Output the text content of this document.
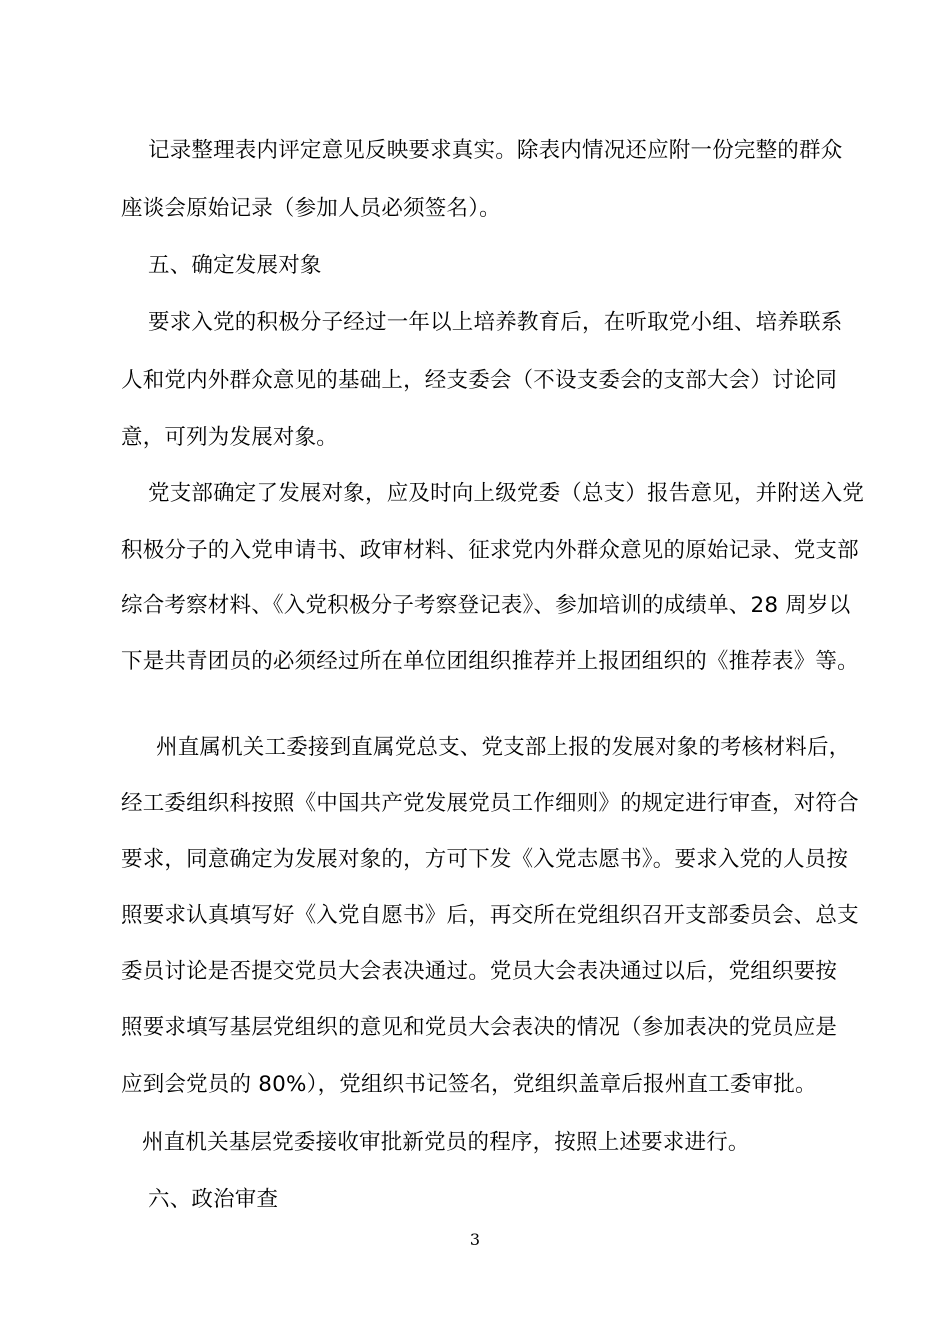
记录整理表内评定意见反映要求真实。除表内情况还应附一份完整的群众
座谈会原始记录（参加人员必须签名）。
五、确定发展对象
要求入党的积极分子经过一年以上培养教育后，在听取党小组、培养联系
人和党内外群众意见的基础上，经支委会（不设支委会的支部大会）讨论同
意，可列为发展对象。
党支部确定了发展对象，应及时向上级党委（总支）报告意见，并附送入党
积极分子的入党申请书、政审材料、征求党内外群众意见的原始记录、党支部
综合考察材料、《入党积极分子考察登记表》、参加培训的成绩单、28 周岁以
下是共青团员的必须经过所在单位团组织推荐并上报团组织的《推荐表》等。
州直属机关工委接到直属党总支、党支部上报的发展对象的考核材料后，
经工委组织科按照《中国共产党发展党员工作细则》的规定进行审查，对符合
要求，同意确定为发展对象的，方可下发《入党志愿书》。要求入党的人员按
照要求认真填写好《入党自愿书》后，再交所在党组织召开支部委员会、总支
委员讨论是否提交党员大会表决通过。党员大会表决通过以后，党组织要按
照要求填写基层党组织的意见和党员大会表决的情况（参加表决的党员应是
应到会党员的 80%），党组织书记签名，党组织盖章后报州直工委审批。
州直机关基层党委接收审批新党员的程序，按照上述要求进行。
六、政治审查
3
